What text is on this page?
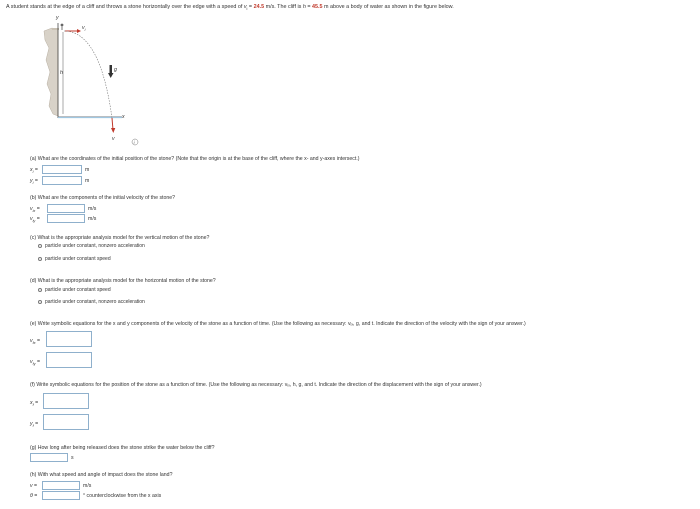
A student stands at the edge of a cliff and throws a stone horizontally over the edge with a speed of $v_i = 24.5$ m/s. The cliff is h = 45.5 m above a body of water as shown in the figure below.
y
x
h
$v_i$
g
v
i
(a) What are the coordinates of the initial position of the stone? (Note that the origin is at the base of the cliff, where the x- and y-axes intersect.)
$x_i$ =	m
$y_i$ =	m
(b) What are the components of the initial velocity of the stone?
$v_{ix}$ =	m/s
$v_{iy}$ =	m/s
(c) What is the appropriate analysis model for the vertical motion of the stone?
particle under constant, nonzero acceleration
particle under constant speed
(d) What is the appropriate analysis model for the horizontal motion of the stone?
particle under constant speed
particle under constant, nonzero acceleration
(e) Write symbolic equations for the x and y components of the velocity of the stone as a function of time. (Use the following as necessary: vᵢₓ, g, and t. Indicate the direction of the velocity with the sign of your answer.)
$v_{fx}$ =
$v_{fy}$ =
(f) Write symbolic equations for the position of the stone as a function of time. (Use the following as necessary: vᵢₓ, h, g, and t. Indicate the direction of the displacement with the sign of your answer.)
$x_f$ =
$y_f$ =
(g) How long after being released does the stone strike the water below the cliff?
s
(h) With what speed and angle of impact does the stone land?
v =	m/s
θ =	° counterclockwise from the x axis
